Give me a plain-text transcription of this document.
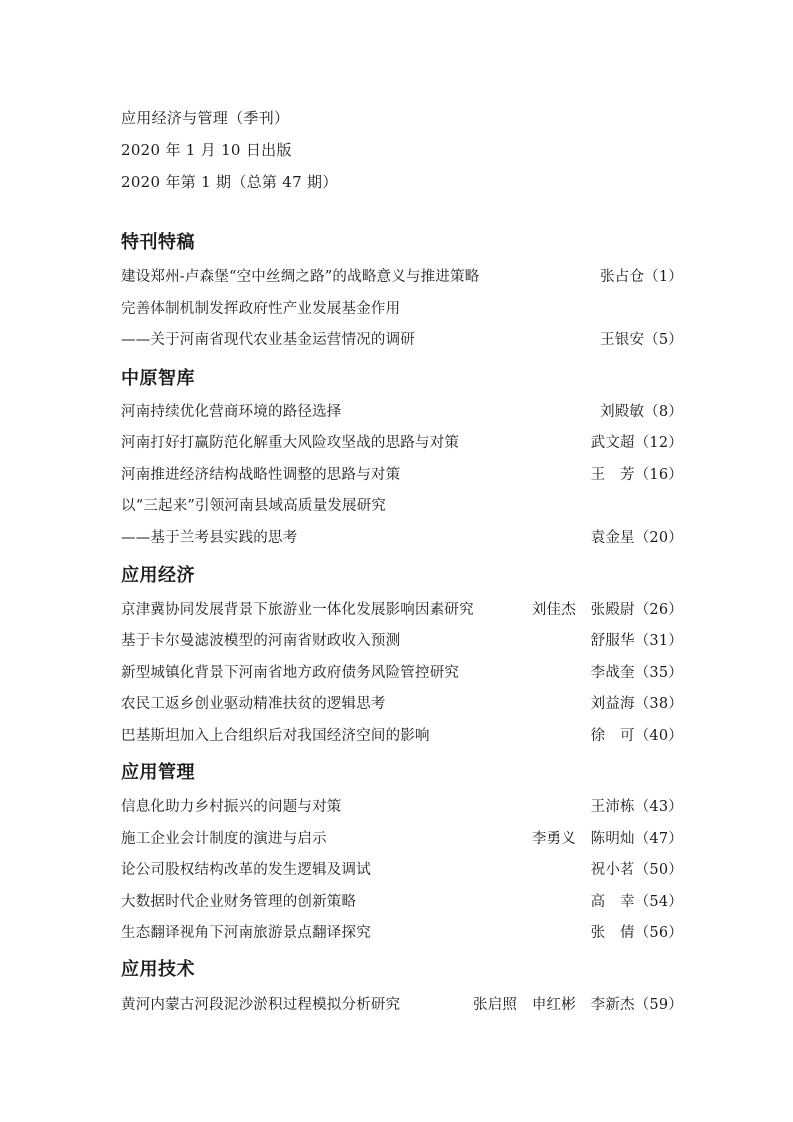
应用经济与管理（季刊）
2020 年 1 月 10 日出版
2020 年第 1 期（总第 47 期）
特刊特稿
建设郑州-卢森堡“空中丝绸之路”的战略意义与推进策略	张占仓（1）
完善体制机制发挥政府性产业发展基金作用
——关于河南省现代农业基金运营情况的调研	王银安（5）
中原智库
河南持续优化营商环境的路径选择	刘殿敏（8）
河南打好打赢防范化解重大风险攻坚战的思路与对策	武文超（12）
河南推进经济结构战略性调整的思路与对策	王　芳（16）
以“三起来”引领河南县域高质量发展研究
——基于兰考县实践的思考	袁金星（20）
应用经济
京津冀协同发展背景下旅游业一体化发展影响因素研究	刘佳杰　张殿尉（26）
基于卡尔曼滤波模型的河南省财政收入预测	舒服华（31）
新型城镇化背景下河南省地方政府债务风险管控研究	李战奎（35）
农民工返乡创业驱动精准扶贫的逻辑思考	刘益海（38）
巴基斯坦加入上合组织后对我国经济空间的影响	徐　可（40）
应用管理
信息化助力乡村振兴的问题与对策	王沛栋（43）
施工企业会计制度的演进与启示	李勇义　陈明灿（47）
论公司股权结构改革的发生逻辑及调试	祝小茗（50）
大数据时代企业财务管理的创新策略	高　幸（54）
生态翻译视角下河南旅游景点翻译探究	张　倩（56）
应用技术
黄河内蒙古河段泥沙淤积过程模拟分析研究	张启照　申红彬　李新杰（59）
